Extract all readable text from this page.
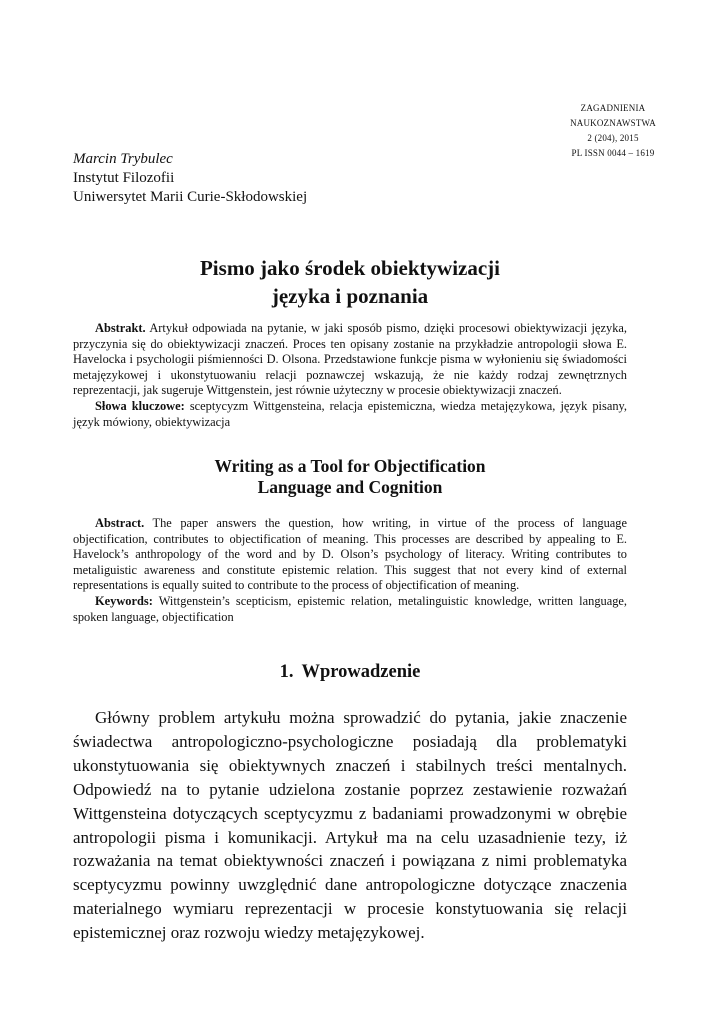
ZAGADNIENIA
NAUKOZNAWSTWA
2 (204), 2015
PL ISSN 0044 – 1619
Marcin Trybulec
Instytut Filozofii
Uniwersytet Marii Curie-Skłodowskiej
Pismo jako środek obiektywizacji
języka i poznania

Abstrakt. Artykuł odpowiada na pytanie, w jaki sposób pismo, dzięki procesowi obiektywizacji języka, przyczynia się do obiektywizacji znaczeń. Proces ten opisany zostanie na przykładzie antropologii słowa E. Havelocka i psychologii piśmienności D. Olsona. Przedstawione funkcje pisma w wyłonieniu się świadomości metajęzykowej i ukonstytuowaniu relacji poznawczej wskazują, że nie każdy rodzaj zewnętrznych reprezentacji, jak sugeruje Wittgenstein, jest równie użyteczny w procesie obiektywizacji znaczeń.

Słowa kluczowe: sceptycyzm Wittgensteina, relacja epistemiczna, wiedza metajęzykowa, język pisany, język mówiony, obiektywizacja

Writing as a Tool for Objectification
Language and Cognition

Abstract. The paper answers the question, how writing, in virtue of the process of language objectification, contributes to objectification of meaning. This processes are described by appealing to E. Havelock’s anthropology of the word and by D. Olson’s psychology of literacy. Writing contributes to metaliguistic awareness and constitute epistemic relation. This suggest that not every kind of external representations is equally suited to contribute to the process of objectification of meaning.

Keywords: Wittgenstein’s scepticism, epistemic relation, metalinguistic knowledge, written language, spoken language, objectification

1. Wprowadzenie

Główny problem artykułu można sprowadzić do pytania, jakie znaczenie świadectwa antropologiczno-psychologiczne posiadają dla problematyki ukonstytuowania się obiektywnych znaczeń i stabilnych treści mentalnych. Odpowiedź na to pytanie udzielona zostanie poprzez zestawienie rozważań Wittgensteina dotyczących sceptycyzmu z badaniami prowadzonymi w obrębie antropologii pisma i komunikacji. Artykuł ma na celu uzasadnienie tezy, iż rozważania na temat obiektywności znaczeń i powiązana z nimi problematyka sceptycyzmu powinny uwzględnić dane antropologiczne dotyczące znaczenia materialnego wymiaru reprezentacji w procesie konstytuowania się relacji epistemicznej oraz rozwoju wiedzy metajęzykowej.
